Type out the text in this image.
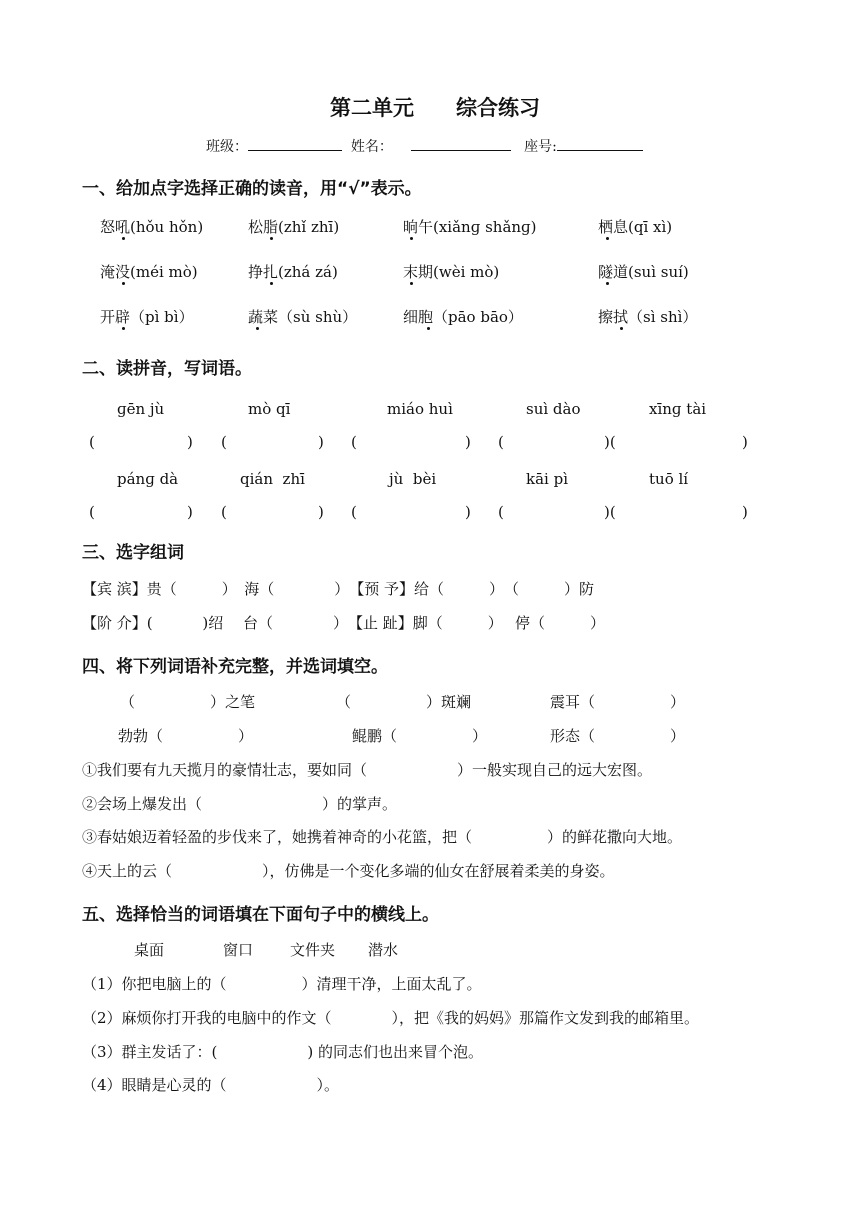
第二单元　　综合练习
班级：	姓名：	座号:
一、给加点字选择正确的读音，用“√”表示。
怒吼(hǒu hǒn)	松脂(zhǐ zhī)	晌午(xiǎnɡ shǎnɡ)	栖息(qī xì)
淹没(méi mò)	挣扎(zhá zá)	末期(wèi mò)	隧道(suì suí)
开辟（pì bì）	蔬菜（sù shù）	细胞（pāo bāo）	擦拭（sì shì）
二、读拼音，写词语。
ɡēn jù	mò qī	miáo huì	suì dào	xīnɡ tài
(	) (	) (	) (	)(	)
pánɡ dà	qián  zhī	jù  bèi	kāi pì	tuō lí
(	) (	) (	) (	)(	)
三、选字组词
【宾 滨】贵（　　　）　海（　　　　）　【预 予】给（　　　）　（　　　）防
【阶 介】(　　　 )绍　 台（　　　　）　【止 趾】脚（　　　）　 停（　　　）
四、将下列词语补充完整，并选词填空。
（　　　　　）之笔	（　　　　　）斑斓	震耳（　　　　　）
勃勃（　　　　　）	鲲鹏（　　　　　）	形态（　　　　　）
①我们要有九天揽月的豪情壮志，要如同（　　　　　　）一般实现自己的远大宏图。
②会场上爆发出（　　　　　　　　）的掌声。
③春姑娘迈着轻盈的步伐来了，她携着神奇的小花篮，把（　　　　　）的鲜花撒向大地。
④天上的云（　　　　　　），仿佛是一个变化多端的仙女在舒展着柔美的身姿。
五、选择恰当的词语填在下面句子中的横线上。
桌面	窗口 文件夹 潜水
（1）你把电脑上的（　　　　　）清理干净，上面太乱了。
（2）麻烦你打开我的电脑中的作文（　　　　），把《我的妈妈》那篇作文发到我的邮箱里。
（3）群主发话了：(　　　　　　) 的同志们也出来冒个泡。
（4）眼睛是心灵的（　　　　　　）。
